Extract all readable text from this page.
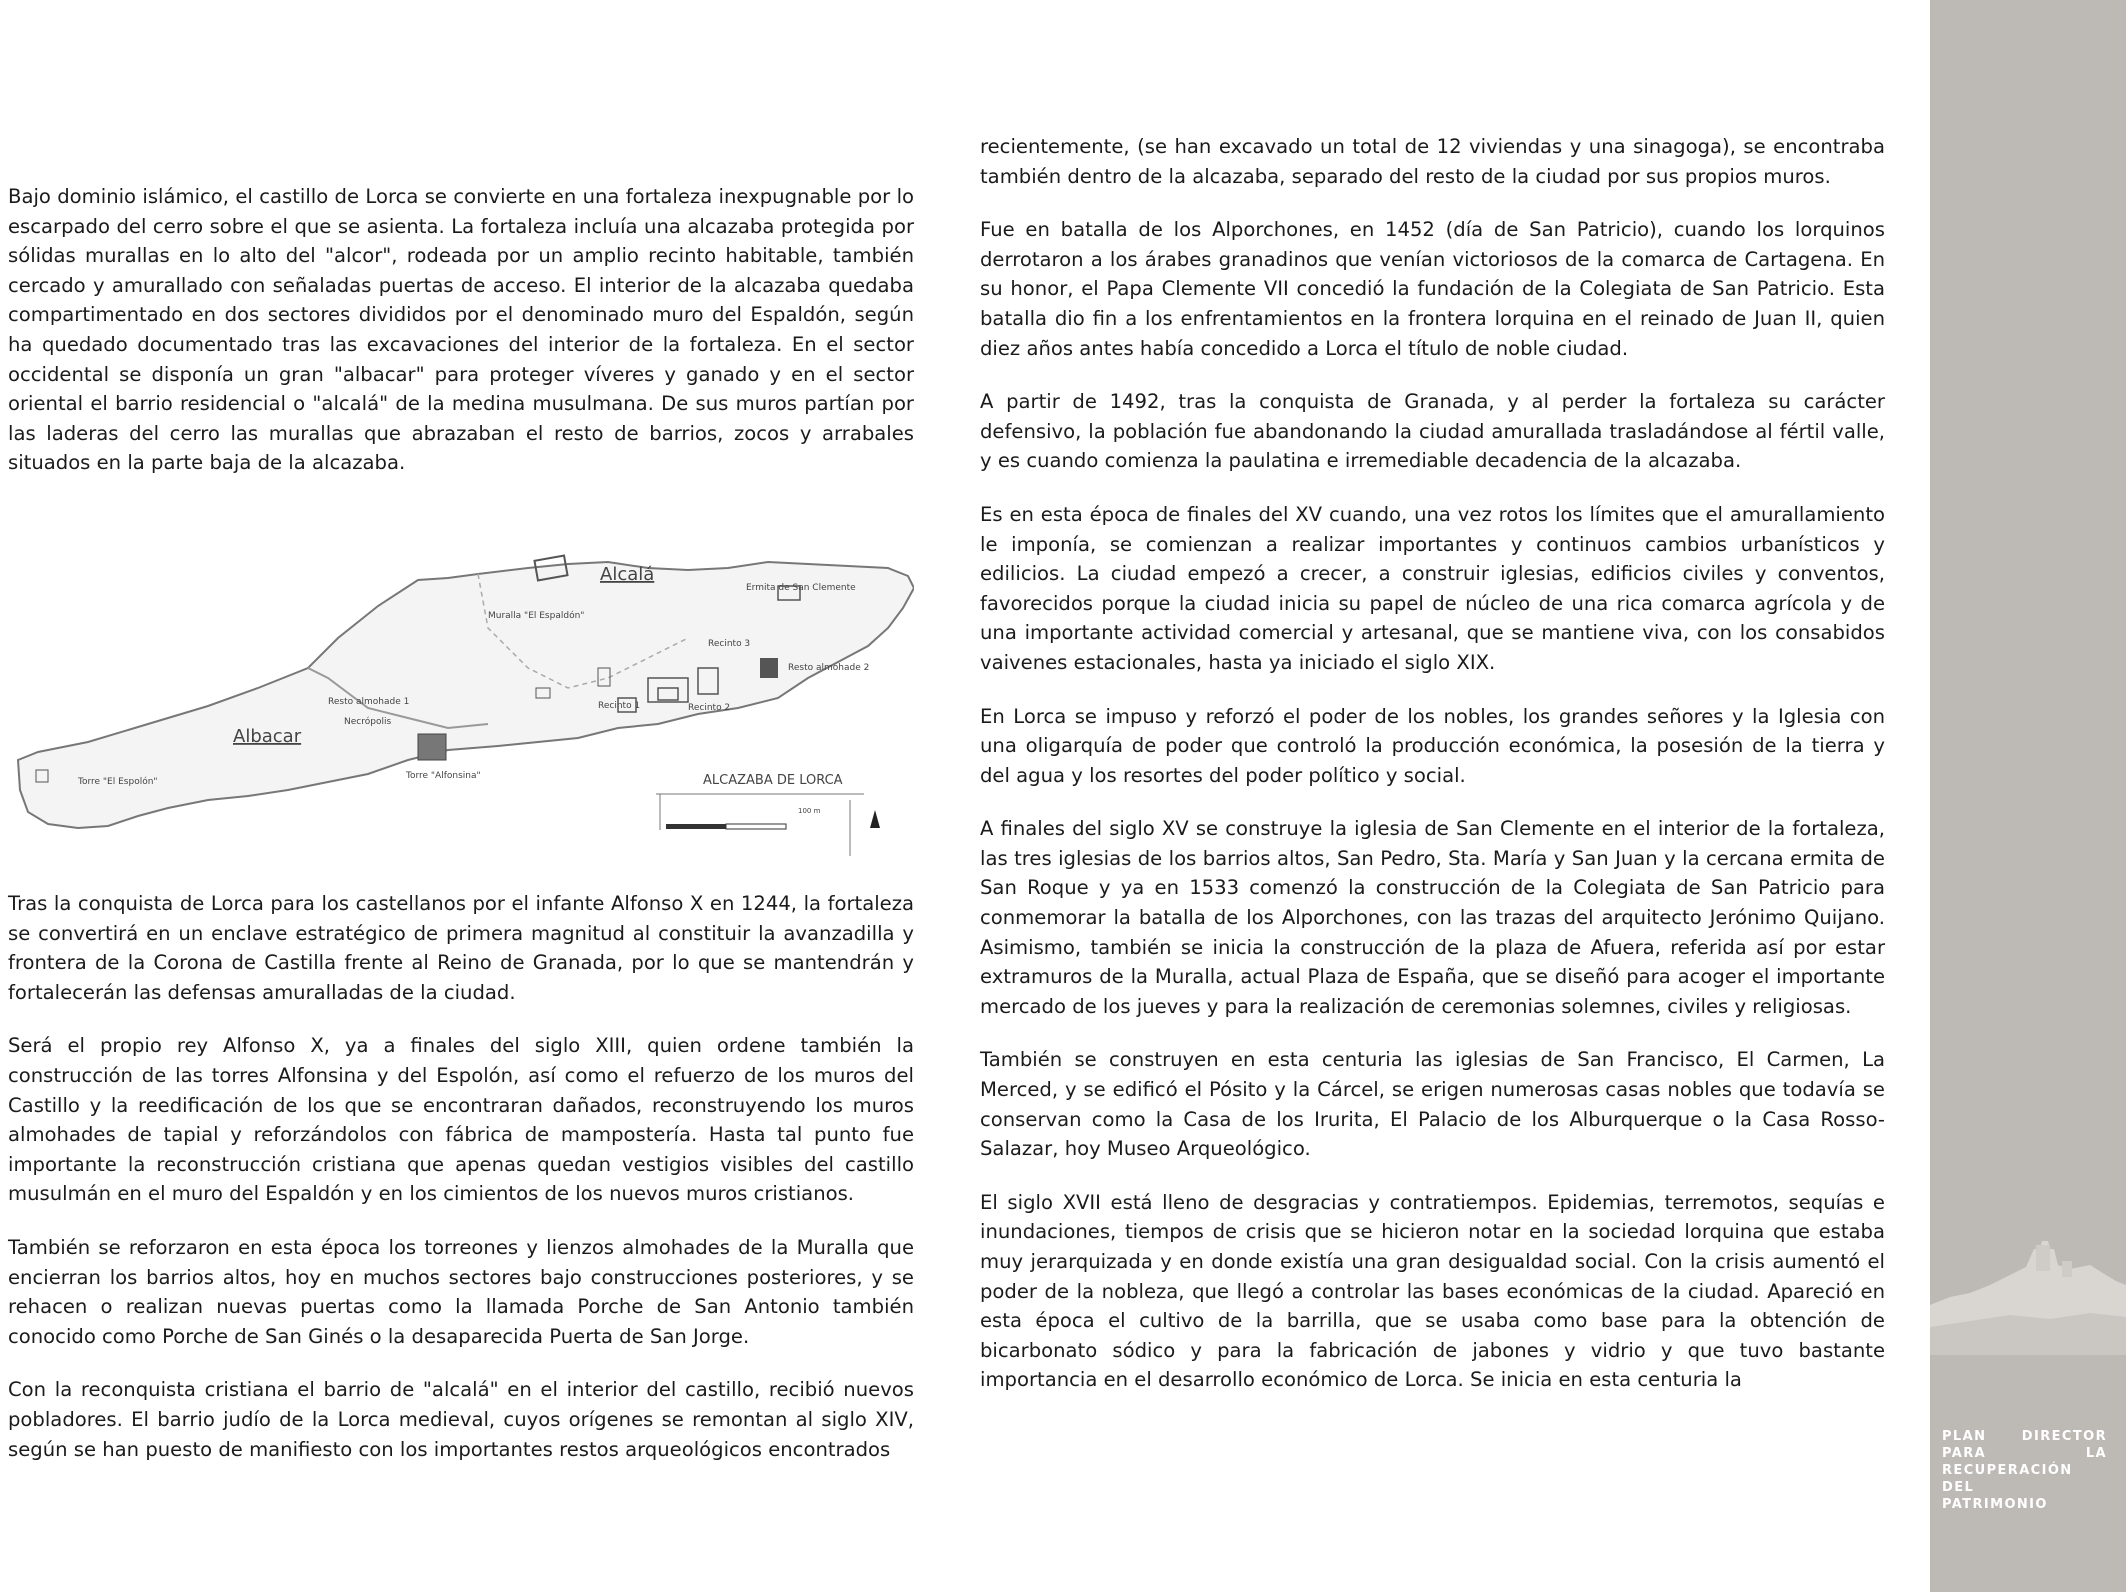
Bajo dominio islámico, el castillo de Lorca se convierte en una fortaleza inexpugnable por lo escarpado del cerro sobre el que se asienta. La fortaleza incluía una alcazaba protegida por sólidas murallas en lo alto del "alcor", rodeada por un amplio recinto habitable, también cercado y amurallado con señaladas puertas de acceso. El interior de la alcazaba quedaba compartimentado en dos sectores divididos por el denominado muro del Espaldón, según ha quedado documentado tras las excavaciones del interior de la fortaleza. En el sector occidental se disponía un gran "albacar" para proteger víveres y ganado y en el sector oriental el barrio residencial o "alcalá" de la medina musulmana. De sus muros partían por las laderas del cerro las murallas que abrazaban el resto de barrios, zocos y arrabales situados en la parte baja de la alcazaba.

Alcalá
Albacar
Muralla "El Espaldón"
Ermita de San Clemente
Recinto 3
Recinto 1	Recinto 2
Resto almohade 1
Resto almohade 2
Necrópolis
Torre "Alfonsina"
Torre "El Espolón"	ALCAZABA DE LORCA
100 m

Tras la conquista de Lorca para los castellanos por el infante Alfonso X en 1244, la fortaleza se convertirá en un enclave estratégico de primera magnitud al constituir la avanzadilla y frontera de la Corona de Castilla frente al Reino de Granada, por lo que se mantendrán y fortalecerán las defensas amuralladas de la ciudad.

Será el propio rey Alfonso X, ya a finales del siglo XIII, quien ordene también la construcción de las torres Alfonsina y del Espolón, así como el refuerzo de los muros del Castillo y la reedificación de los que se encontraran dañados, reconstruyendo los muros almohades de tapial y reforzándolos con fábrica de mampostería. Hasta tal punto fue importante la reconstrucción cristiana que apenas quedan vestigios visibles del castillo musulmán en el muro del Espaldón y en los cimientos de los nuevos muros cristianos.

También se reforzaron en esta época los torreones y lienzos almohades de la Muralla que encierran los barrios altos, hoy en muchos sectores bajo construcciones posteriores, y se rehacen o realizan nuevas puertas como la llamada Porche de San Antonio también conocido como Porche de San Ginés o la desaparecida Puerta de San Jorge.

Con la reconquista cristiana el barrio de "alcalá" en el interior del castillo, recibió nuevos pobladores. El barrio judío de la Lorca medieval, cuyos orígenes se remontan al siglo XIV, según se han puesto de manifiesto con los importantes restos arqueológicos encontrados

recientemente, (se han excavado un total de 12 viviendas y una sinagoga), se encontraba también dentro de la alcazaba, separado del resto de la ciudad por sus propios muros.

Fue en batalla de los Alporchones, en 1452 (día de San Patricio), cuando los lorquinos derrotaron a los árabes granadinos que venían victoriosos de la comarca de Cartagena. En su honor, el Papa Clemente VII concedió la fundación de la Colegiata de San Patricio. Esta batalla dio fin a los enfrentamientos en la frontera lorquina en el reinado de Juan II, quien diez años antes había concedido a Lorca el título de noble ciudad.

A partir de 1492, tras la conquista de Granada, y al perder la fortaleza su carácter defensivo, la población fue abandonando la ciudad amurallada trasladándose al fértil valle, y es cuando comienza la paulatina e irremediable decadencia de la alcazaba.

Es en esta época de finales del XV cuando, una vez rotos los límites que el amurallamiento le imponía, se comienzan a realizar importantes y continuos cambios urbanísticos y edilicios. La ciudad empezó a crecer, a construir iglesias, edificios civiles y conventos, favorecidos porque la ciudad inicia su papel de núcleo de una rica comarca agrícola y de una importante actividad comercial y artesanal, que se mantiene viva, con los consabidos vaivenes estacionales, hasta ya iniciado el siglo XIX.

En Lorca se impuso y reforzó el poder de los nobles, los grandes señores y la Iglesia con una oligarquía de poder que controló la producción económica, la posesión de la tierra y del agua y los resortes del poder político y social.

A finales del siglo XV se construye la iglesia de San Clemente en el interior de la fortaleza, las tres iglesias de los barrios altos, San Pedro, Sta. María y San Juan y la cercana ermita de San Roque y ya en 1533 comenzó la construcción de la Colegiata de San Patricio para conmemorar la batalla de los Alporchones, con las trazas del arquitecto Jerónimo Quijano. Asimismo, también se inicia la construcción de la plaza de Afuera, referida así por estar extramuros de la Muralla, actual Plaza de España, que se diseñó para acoger el importante mercado de los jueves y para la realización de ceremonias solemnes, civiles y religiosas.

También se construyen en esta centuria las iglesias de San Francisco, El Carmen, La Merced, y se edificó el Pósito y la Cárcel, se erigen numerosas casas nobles que todavía se conservan como la Casa de los Irurita, El Palacio de los Alburquerque o la Casa Rosso-Salazar, hoy Museo Arqueológico.

El siglo XVII está lleno de desgracias y contratiempos. Epidemias, terremotos, sequías e inundaciones, tiempos de crisis que se hicieron notar en la sociedad lorquina que estaba muy jerarquizada y en donde existía una gran desigualdad social. Con la crisis aumentó el poder de la nobleza, que llegó a controlar las bases económicas de la ciudad. Apareció en esta época el cultivo de la barrilla, que se usaba como base para la obtención de bicarbonato sódico y para la fabricación de jabones y vidrio y que tuvo bastante importancia en el desarrollo económico de Lorca. Se inicia en esta centuria la

PLAN DIRECTOR
PARA LA
RECUPERACIÓN DEL
PATRIMONIO
